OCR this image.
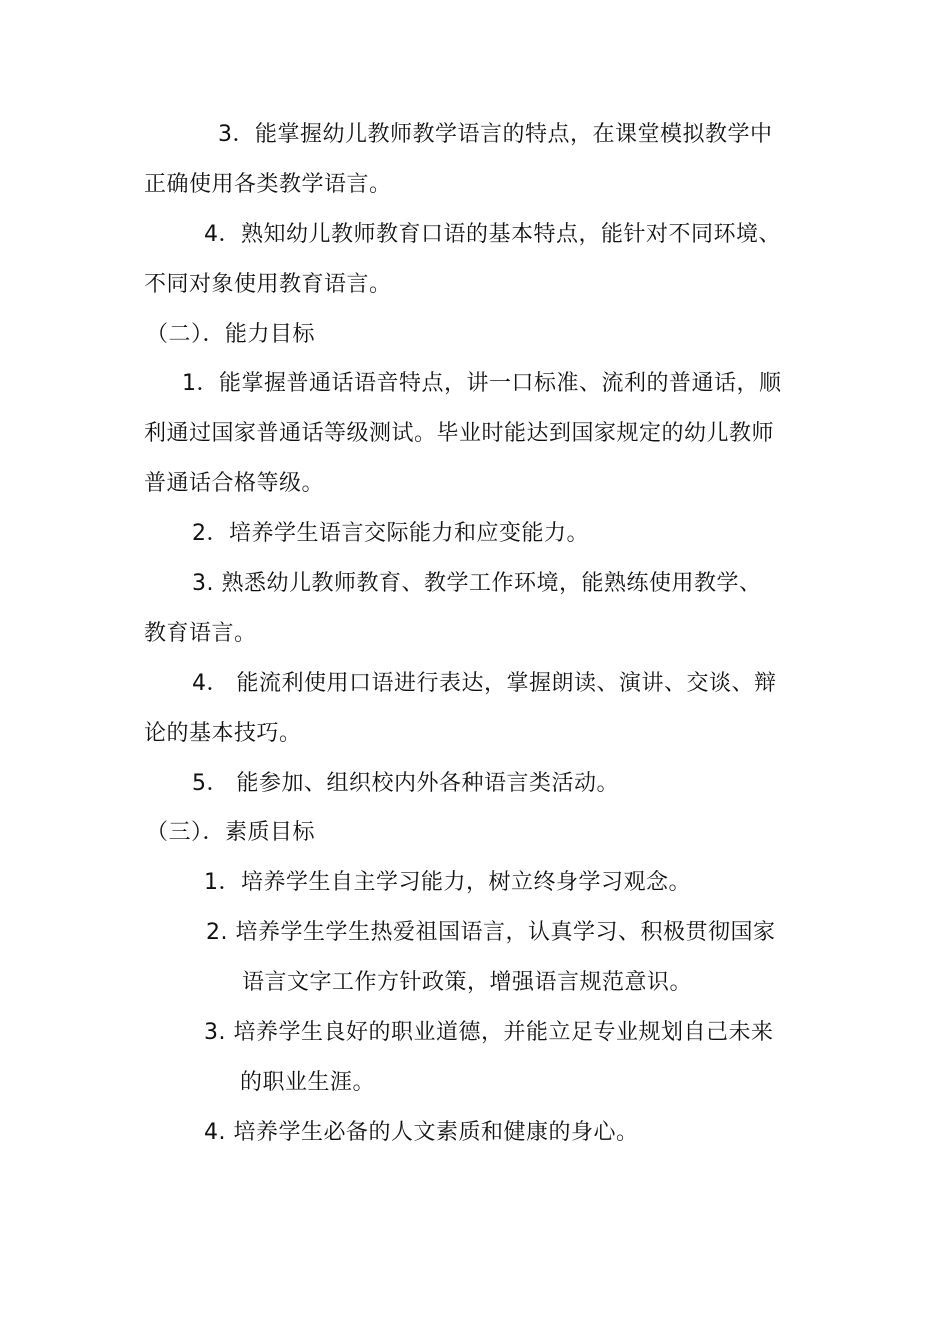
3．能掌握幼儿教师教学语言的特点，在课堂模拟教学中
正确使用各类教学语言。
4．熟知幼儿教师教育口语的基本特点，能针对不同环境、
不同对象使用教育语言。
（二）．能力目标
1．能掌握普通话语音特点，讲一口标准、流利的普通话，顺
利通过国家普通话等级测试。毕业时能达到国家规定的幼儿教师
普通话合格等级。
2．培养学生语言交际能力和应变能力。
3. 熟悉幼儿教师教育、教学工作环境，能熟练使用教学、
教育语言。
4． 能流利使用口语进行表达，掌握朗读、演讲、交谈、辩
论的基本技巧。
5． 能参加、组织校内外各种语言类活动。
（三）．素质目标
1．培养学生自主学习能力，树立终身学习观念。
2. 培养学生学生热爱祖国语言，认真学习、积极贯彻国家
语言文字工作方针政策，增强语言规范意识。
3. 培养学生良好的职业道德，并能立足专业规划自己未来
的职业生涯。
4. 培养学生必备的人文素质和健康的身心。
